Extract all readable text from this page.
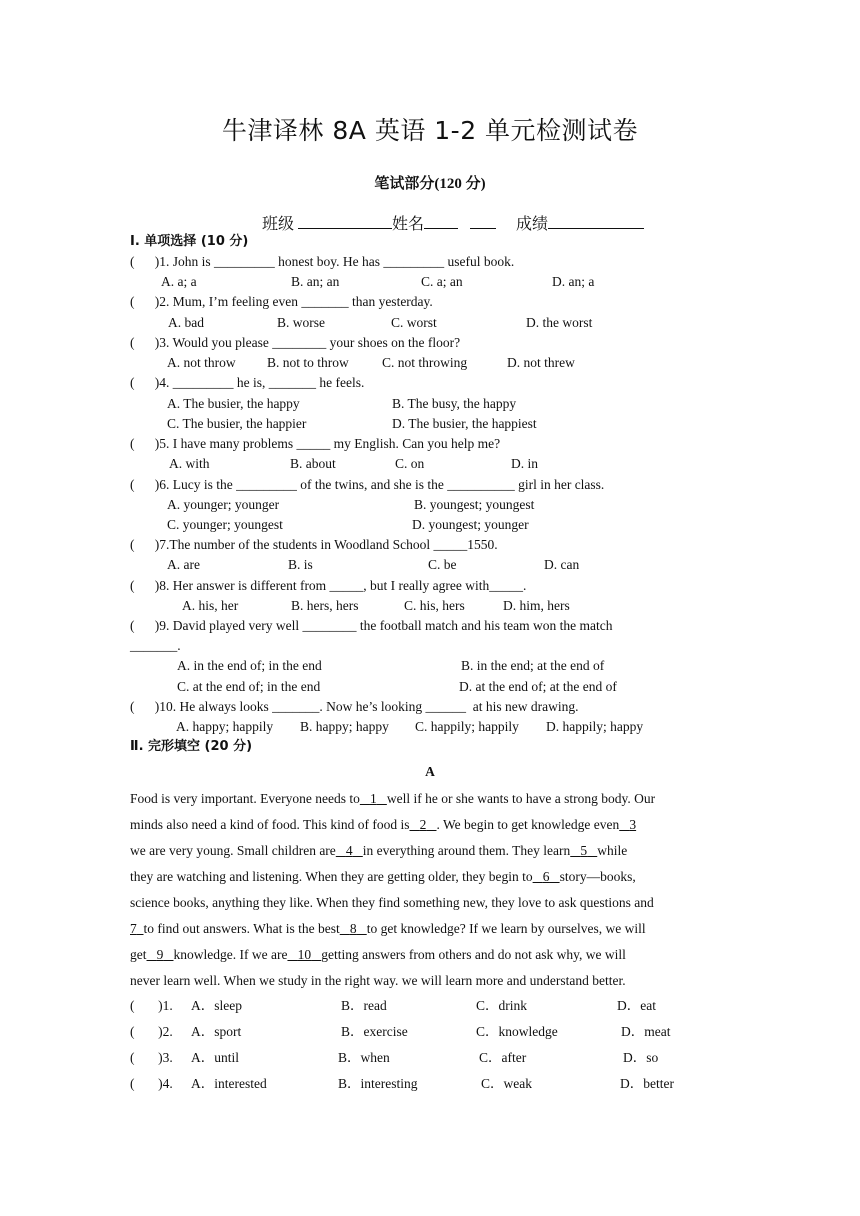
牛津译林 8A 英语 1-2 单元检测试卷
笔试部分(120 分)
班级	姓名	成绩
Ⅰ. 单项选择 (10 分)
(      )1. John is _________ honest boy. He has _________ useful book.
A. a; a	B. an; an	C. a; an	D. an; a
(      )2. Mum, I’m feeling even _______ than yesterday.
A. bad	B. worse	C. worst	D. the worst
(      )3. Would you please ________ your shoes on the floor?
A. not throw B. not to throw C. not throwing	D. not threw
(      )4. _________ he is, _______ he feels.
A. The busier, the happy	B. The busy, the happy
C. The busier, the happier	D. The busier, the happiest
(      )5. I have many problems _____ my English. Can you help me?
A. with	B. about	C. on	D. in
(      )6. Lucy is the _________ of the twins, and she is the __________ girl in her class.
A. younger; younger	B. youngest; youngest
C. younger; youngest	D. youngest; younger
(      )7.The number of the students in Woodland School _____1550.
A. are	B. is	C. be	D. can
(      )8. Her answer is different from _____, but I really agree with_____.
A. his, her	B. hers, hers	C. his, hers	D. him, hers
(      )9. David played very well ________ the football match and his team won the match
_______.
A. in the end of; in the end	B. in the end; at the end of
C. at the end of; in the end	D. at the end of; at the end of
(      )10. He always looks _______. Now he’s looking ______  at his new drawing.
A. happy; happily B. happy; happy C. happily; happily D. happily; happy
Ⅱ. 完形填空 (20 分)
A
Food is very important. Everyone needs to 1 well if he or she wants to have a strong body. Our
minds also need a kind of food. This kind of food is 2 . We begin to get knowledge even 3
we are very young. Small children are 4 in everything around them. They learn 5 while
they are watching and listening. When they are getting older, they begin to 6 story—books,
science books, anything they like. When they find something new, they love to ask questions and
7 to find out answers. What is the best 8 to get knowledge? If we learn by ourselves, we will
get 9 knowledge. If we are 10 getting answers from others and do not ask why, we will
never learn well. When we study in the right way. we will learn more and understand better.
(       )1. A．sleep	B．read	C．drink	D．eat
(       )2. A．sport	B．exercise	C．knowledge	D．meat
(       )3. A．until	B．when	C．after	D．so
(       )4. A．interested	B．interesting	C．weak	D．better
